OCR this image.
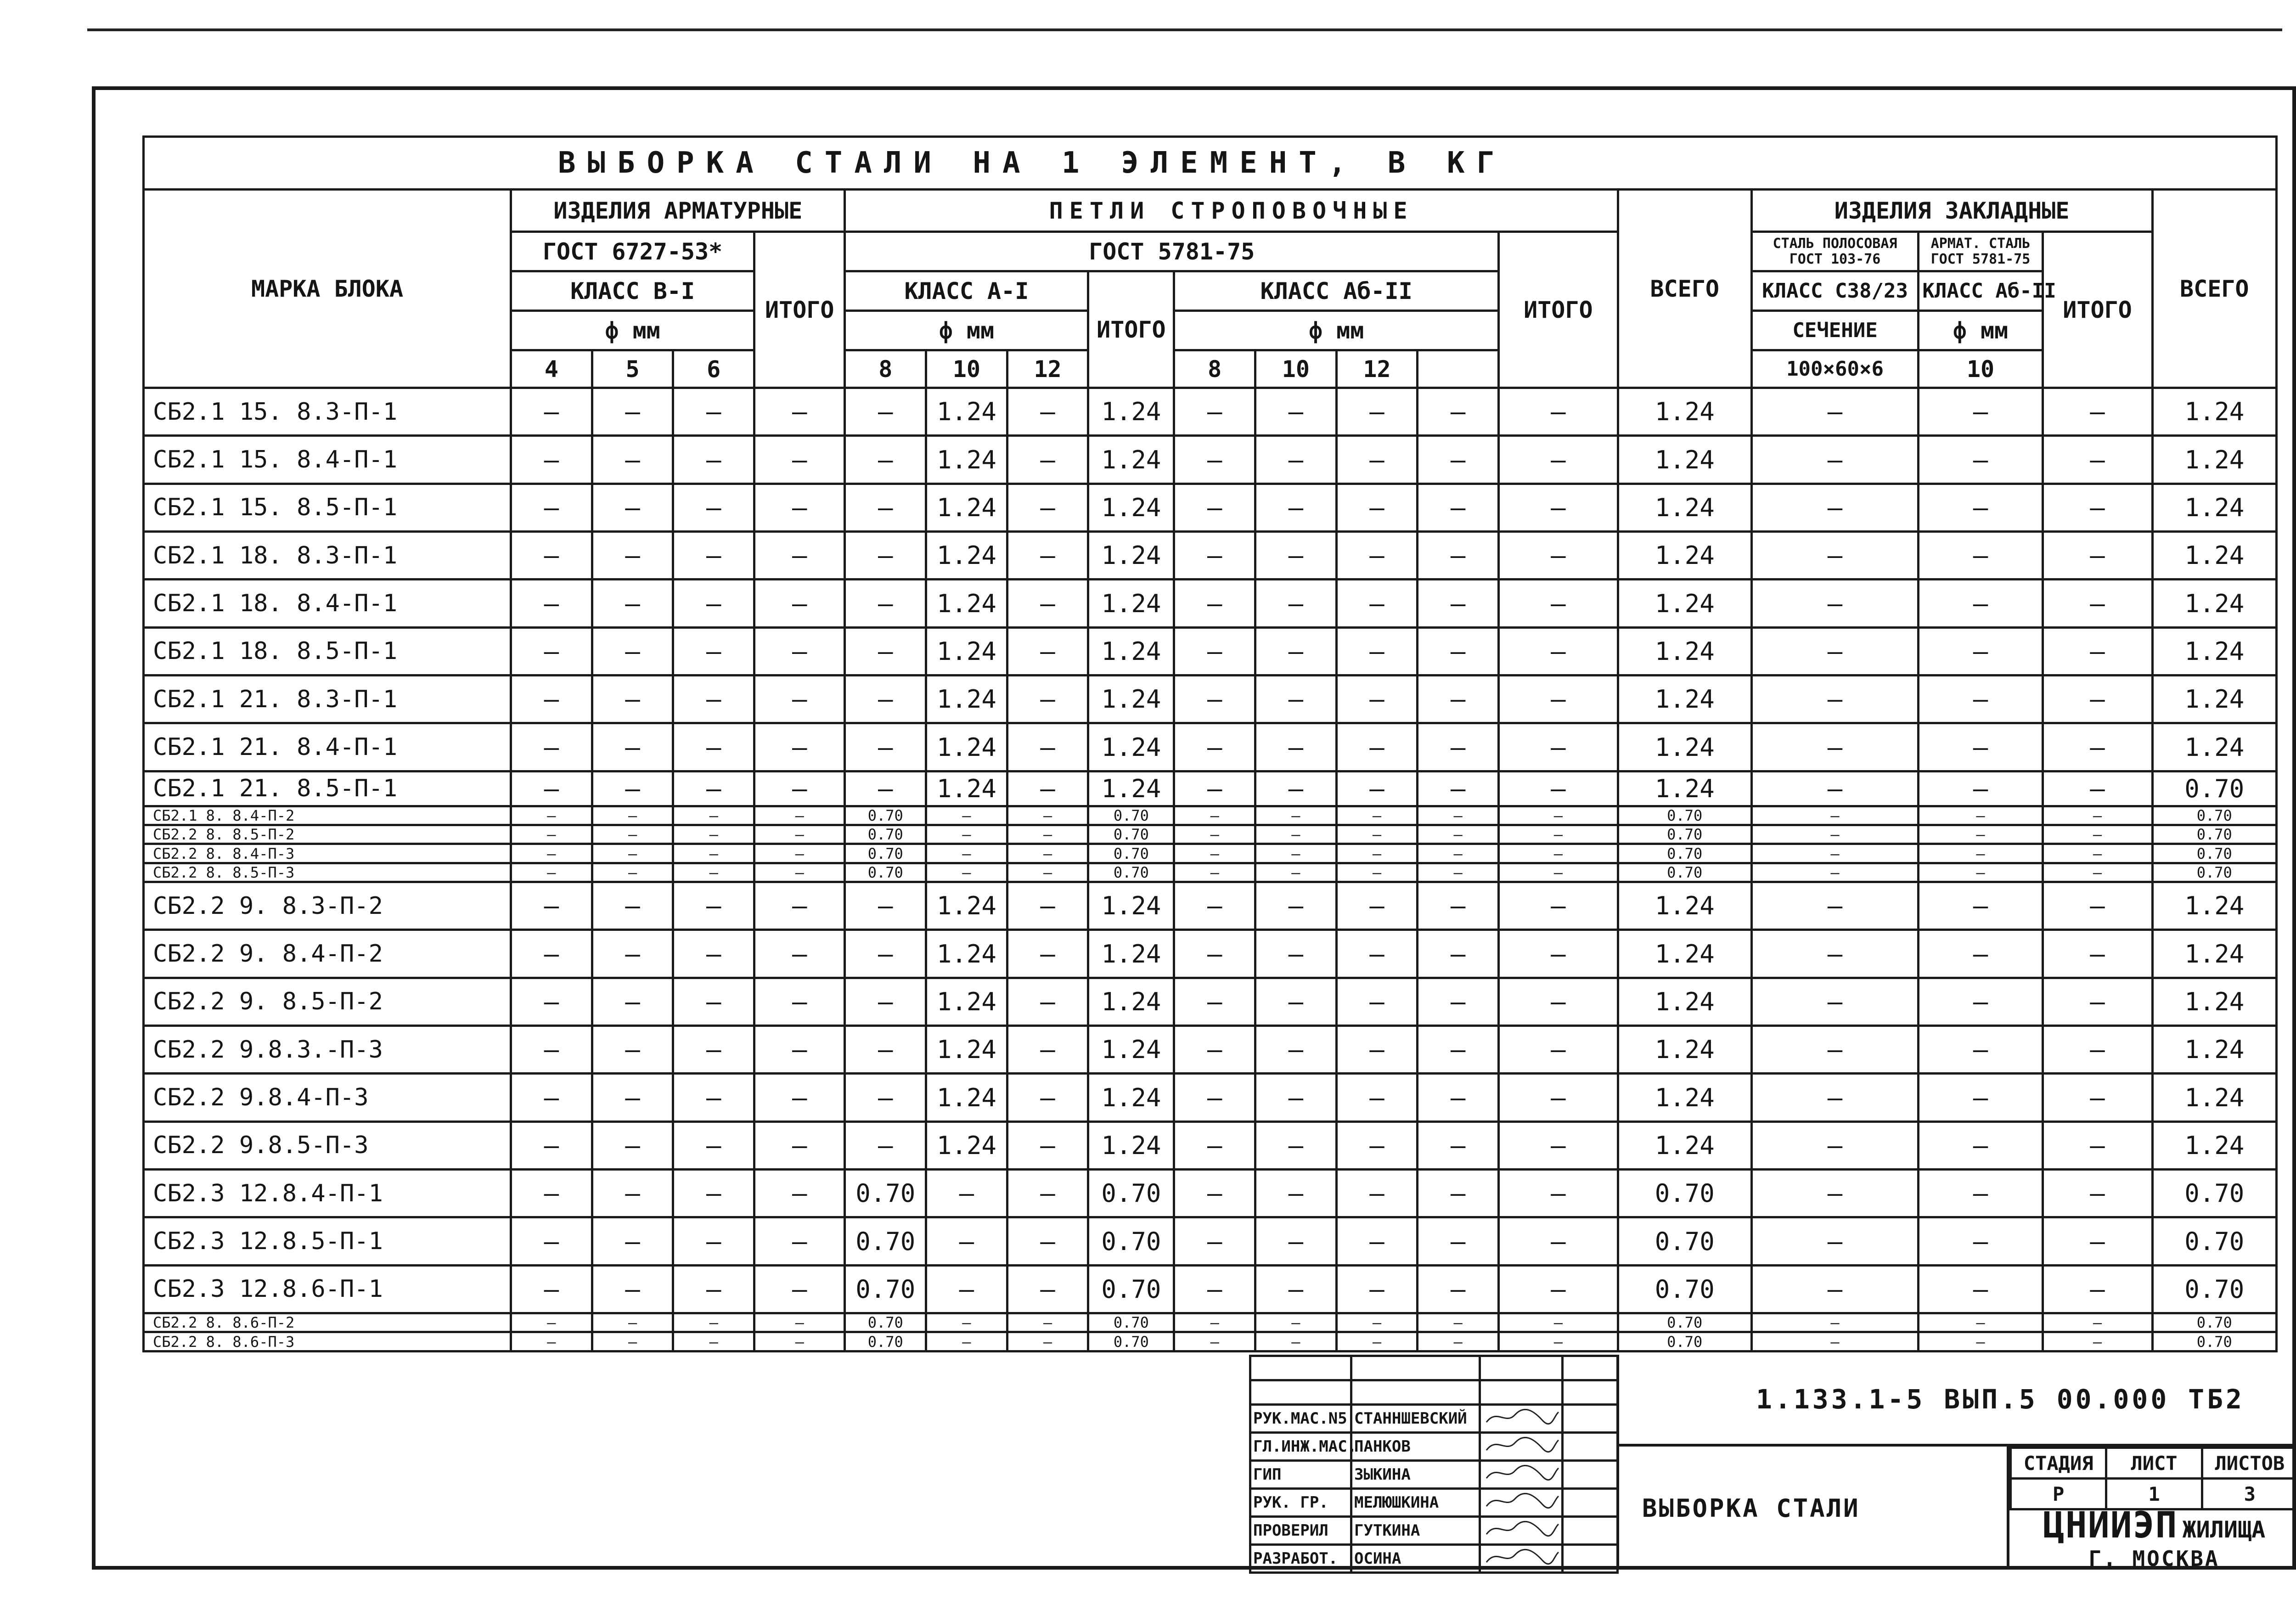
ВЫБОРКА СТАЛИ НА 1 ЭЛЕМЕНТ, В КГ																		
МАРКА БЛОКА	ИЗДЕЛИЯ АРМАТУРНЫЕ				ПЕТЛИ СТРОПОВОЧНЫЕ									ВСЕГО	ИЗДЕЛИЯ ЗАКЛАДНЫЕ			ВСЕГО
	ГОСТ 6727-53*			ИТОГО	ГОСТ 5781-75								ИТОГО		СТАЛЬ ПОЛОСОВАЯ ГОСТ 103-76	АРМАТ. СТАЛЬ ГОСТ 5781-75	ИТОГО	
	КЛАСС В-I				КЛАСС А-I			ИТОГО	КЛАСС Аб-II						КЛАСС С38/23	КЛАСС Аб-II		
	ф мм				ф мм				ф мм						СЕЧЕНИЕ	ф мм		
	4	5	6		8	10	12		8	10	12				100×60×6	10		
СБ2.1 15. 8.3-П-1	—	—	—	—	—	1.24	—	1.24	—	—	—	—	—	1.24	—	—	—	1.24
СБ2.1 15. 8.4-П-1	—	—	—	—	—	1.24	—	1.24	—	—	—	—	—	1.24	—	—	—	1.24
СБ2.1 15. 8.5-П-1	—	—	—	—	—	1.24	—	1.24	—	—	—	—	—	1.24	—	—	—	1.24
СБ2.1 18. 8.3-П-1	—	—	—	—	—	1.24	—	1.24	—	—	—	—	—	1.24	—	—	—	1.24
СБ2.1 18. 8.4-П-1	—	—	—	—	—	1.24	—	1.24	—	—	—	—	—	1.24	—	—	—	1.24
СБ2.1 18. 8.5-П-1	—	—	—	—	—	1.24	—	1.24	—	—	—	—	—	1.24	—	—	—	1.24
СБ2.1 21. 8.3-П-1	—	—	—	—	—	1.24	—	1.24	—	—	—	—	—	1.24	—	—	—	1.24
СБ2.1 21. 8.4-П-1	—	—	—	—	—	1.24	—	1.24	—	—	—	—	—	1.24	—	—	—	1.24
СБ2.1 21. 8.5-П-1	—	—	—	—	—	1.24	—	1.24	—	—	—	—	—	1.24	—	—	—	0.70
СБ2.1 8. 8.4-П-2	—	—	—	—	0.70	—	—	0.70	—	—	—	—	—	0.70	—	—	—	0.70
СБ2.2 8. 8.5-П-2	—	—	—	—	0.70	—	—	0.70	—	—	—	—	—	0.70	—	—	—	0.70
СБ2.2 8. 8.4-П-3	—	—	—	—	0.70	—	—	0.70	—	—	—	—	—	0.70	—	—	—	0.70
СБ2.2 8. 8.5-П-3	—	—	—	—	0.70	—	—	0.70	—	—	—	—	—	0.70	—	—	—	0.70
СБ2.2 9. 8.3-П-2	—	—	—	—	—	1.24	—	1.24	—	—	—	—	—	1.24	—	—	—	1.24
СБ2.2 9. 8.4-П-2	—	—	—	—	—	1.24	—	1.24	—	—	—	—	—	1.24	—	—	—	1.24
СБ2.2 9. 8.5-П-2	—	—	—	—	—	1.24	—	1.24	—	—	—	—	—	1.24	—	—	—	1.24
СБ2.2 9.8.3.-П-3	—	—	—	—	—	1.24	—	1.24	—	—	—	—	—	1.24	—	—	—	1.24
СБ2.2 9.8.4-П-3	—	—	—	—	—	1.24	—	1.24	—	—	—	—	—	1.24	—	—	—	1.24
СБ2.2 9.8.5-П-3	—	—	—	—	—	1.24	—	1.24	—	—	—	—	—	1.24	—	—	—	1.24
СБ2.3 12.8.4-П-1	—	—	—	—	0.70	—	—	0.70	—	—	—	—	—	0.70	—	—	—	0.70
СБ2.3 12.8.5-П-1	—	—	—	—	0.70	—	—	0.70	—	—	—	—	—	0.70	—	—	—	0.70
СБ2.3 12.8.6-П-1	—	—	—	—	0.70	—	—	0.70	—	—	—	—	—	0.70	—	—	—	0.70
СБ2.2 8. 8.6-П-2	—	—	—	—	0.70	—	—	0.70	—	—	—	—	—	0.70	—	—	—	0.70
СБ2.2 8. 8.6-П-3	—	—	—	—	0.70	—	—	0.70	—	—	—	—	—	0.70	—	—	—	0.70

РУК.МАС.N5	СТАННШЕВСКИЙ		
ГЛ.ИНЖ.МАС.	ПАНКОВ		
ГИП	ЗЫКИНА		
РУК. ГР.	МЕЛЮШКИНА		
ПРОВЕРИЛ	ГУТКИНА		
РАЗРАБОТ.	ОСИНА		
1.133.1-5 ВЫП.5 00.000 ТБ2
ВЫБОРКА СТАЛИ
СТАДИЯ	ЛИСТ	ЛИСТОВ
Р	1	3
ЦНИИЭП ЖИЛИЩА
Г. МОСКВА
